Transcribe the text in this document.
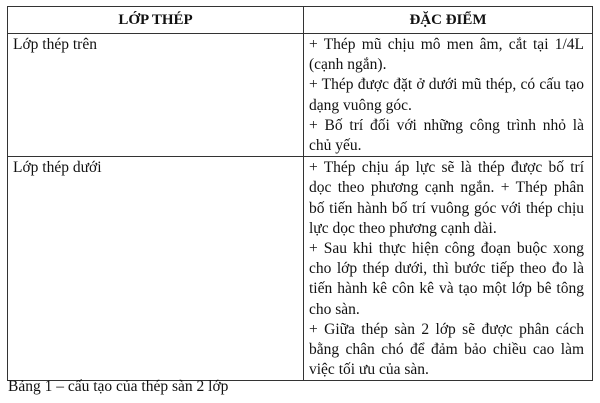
LỚP THÉP	ĐẶC ĐIỂM
Lớp thép trên	+ Thép mũ chịu mô men âm, cắt tại 1/4L (cạnh ngắn).

+ Thép được đặt ở dưới mũ thép, có cấu tạo dạng vuông góc.

+ Bố trí đối với những công trình nhỏ là chủ yếu.

Lớp thép dưới	+ Thép chịu áp lực sẽ là thép được bố trí dọc theo phương cạnh ngắn. + Thép phân bố tiến hành bố trí vuông góc với thép chịu lực dọc theo phương cạnh dài.

+ Sau khi thực hiện công đoạn buộc xong cho lớp thép dưới, thì bước tiếp theo đo là tiến hành kê côn kê và tạo một lớp bê tông cho sàn.

+ Giữa thép sàn 2 lớp sẽ được phân cách bằng chân chó để đảm bảo chiều cao làm việc tối ưu của sàn.

Bảng 1 – cấu tạo của thép sàn 2 lớp
